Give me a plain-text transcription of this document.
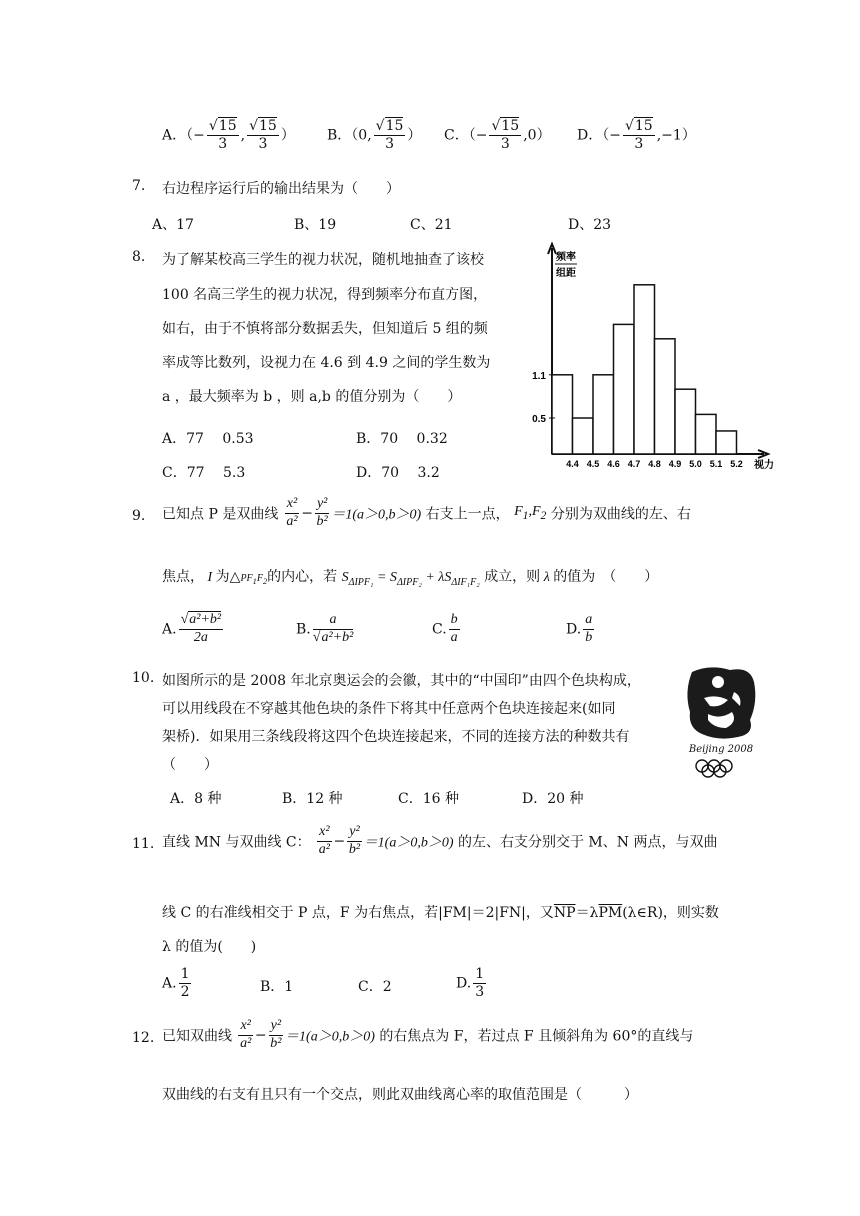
A．（− $\frac{√15}{3}$ , $\frac{√15}{3}$ ） B．（0, $\frac{√15}{3}$ ） C．（− $\frac{√15}{3} ,0$） D．（− $\frac{√15}{3} ,-1$）
7. 右边程序运行后的输出结果为（　　）
A、17	B、19	C、21	D、23
8. 为了解某校高三学生的视力状况，随机地抽查了该校
100 名高三学生的视力状况，得到频率分布直方图，
如右，由于不慎将部分数据丢失，但知道后 5 组的频
率成等比数列，设视力在 4.6 到 4.9 之间的学生数为
a ，最大频率为 b ，则 a,b 的值分别为（　　）
A．77　 0.53	B．70　 0.32
C．77　 5.3	D．70　 3.2
0.5
1.1
4.4 4.5 4.6 4.7 4.8 4.9 5.0 5.1 5.2
频率
组距
视力
9. 已知点 P 是双曲线 $\frac{\text{x²}}{\text{a²}} - \frac{\text{y²}}{\text{b²}} =1(a>0,b>0)$ 右支上一点， $F_1,F_2$ 分别为双曲线的左、右
焦点， I 为$\triangle PF_1F_2$的内心，若 $S_{\Delta IPF_1} = S_{\Delta IPF_2} + \lambda S_{\Delta IF_1F_2}$ 成立，则 λ 的值为　（　　）
A. $\frac{\text{√a²+b²}}{2a}$	B. $\frac{a}{\text{√a²+b²}}$	C. $\frac{b}{a}$	D. $\frac{a}{b}$
10. 如图所示的是 2008 年北京奥运会的会徽，其中的“中国印”由四个色块构成，
可以用线段在不穿越其他色块的条件下将其中任意两个色块连接起来(如同
架桥)．如果用三条线段将这四个色块连接起来，不同的连接方法的种数共有
（　　）
A．8 种	B．12 种	C．16 种	D．20 种
Beijing 2008
11. 直线 MN 与双曲线 C： $\frac{\text{x²}}{\text{a²}} - \frac{\text{y²}}{\text{b²}} =1(a>0,b>0)$ 的左、右支分别交于 M、N 两点，与双曲
线 C 的右准线相交于 P 点，F 为右焦点，若|FM|＝2|FN|，又$\overline{NP}=\lambda\overline{PM}(\lambda\in R)$，则实数
λ 的值为(　　)
A. $\frac{1}{2}$	B．1	C．2	D. $\frac{1}{3}$
12. 已知双曲线 $\frac{\text{x²}}{\text{a²}} - \frac{\text{y²}}{\text{b²}} =1(a>0,b>0)$ 的右焦点为 F，若过点 F 且倾斜角为 60°的直线与
双曲线的右支有且只有一个交点，则此双曲线离心率的取值范围是（　　　）
